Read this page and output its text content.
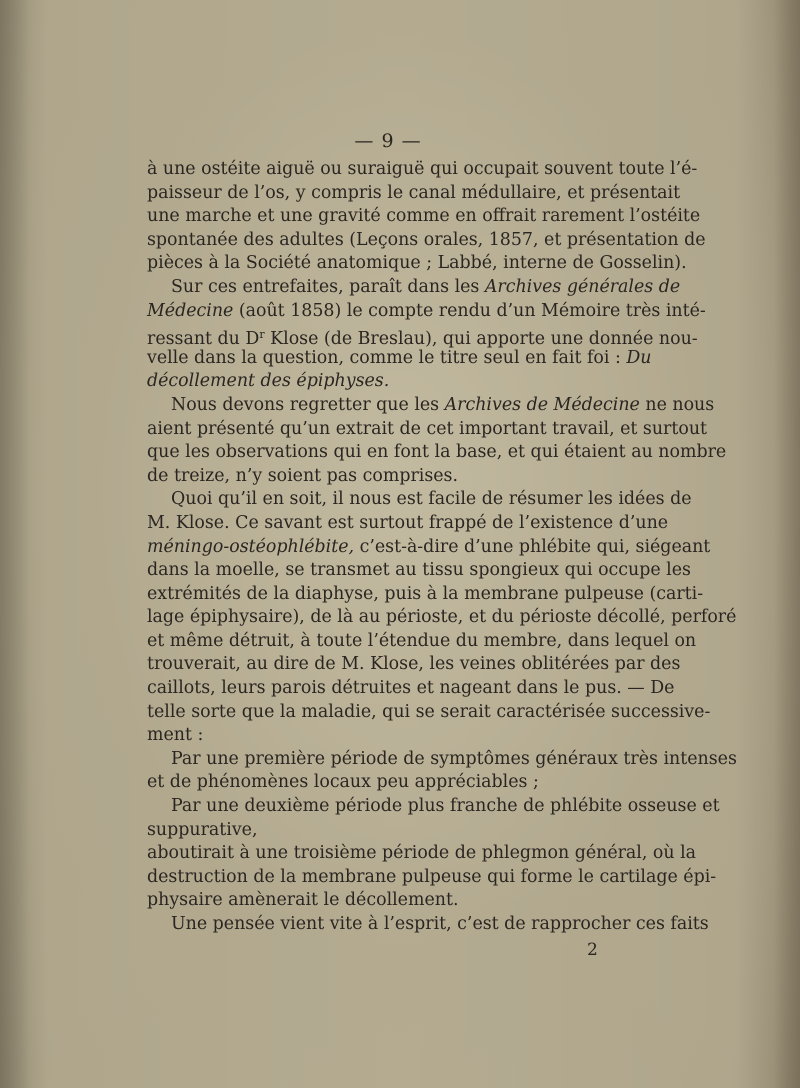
— 9 —
à une ostéite aiguë ou suraiguë qui occupait souvent toute l’é-
paisseur de l’os, y compris le canal médullaire, et présentait
une marche et une gravité comme en offrait rarement l’ostéite
spontanée des adultes (Leçons orales, 1857, et présentation de
pièces à la Société anatomique ; Labbé, interne de Gosselin).
Sur ces entrefaites, paraît dans les Archives générales de
Médecine (août 1858) le compte rendu d’un Mémoire très inté-
ressant du $D^r$ Klose (de Breslau), qui apporte une donnée nou-
velle dans la question, comme le titre seul en fait foi : Du
décollement des épiphyses.
Nous devons regretter que les Archives de Médecine ne nous
aient présenté qu’un extrait de cet important travail, et surtout
que les observations qui en font la base, et qui étaient au nombre
de treize, n’y soient pas comprises.
Quoi qu’il en soit, il nous est facile de résumer les idées de
M. Klose. Ce savant est surtout frappé de l’existence d’une
méningo-ostéophlébite, c’est-à-dire d’une phlébite qui, siégeant
dans la moelle, se transmet au tissu spongieux qui occupe les
extrémités de la diaphyse, puis à la membrane pulpeuse (carti-
lage épiphysaire), de là au périoste, et du périoste décollé, perforé
et même détruit, à toute l’étendue du membre, dans lequel on
trouverait, au dire de M. Klose, les veines oblitérées par des
caillots, leurs parois détruites et nageant dans le pus. — De
telle sorte que la maladie, qui se serait caractérisée successive-
ment :
Par une première période de symptômes généraux très intenses
et de phénomènes locaux peu appréciables ;
Par une deuxième période plus franche de phlébite osseuse et
suppurative,
aboutirait à une troisième période de phlegmon général, où la
destruction de la membrane pulpeuse qui forme le cartilage épi-
physaire amènerait le décollement.
Une pensée vient vite à l’esprit, c’est de rapprocher ces faits
2
